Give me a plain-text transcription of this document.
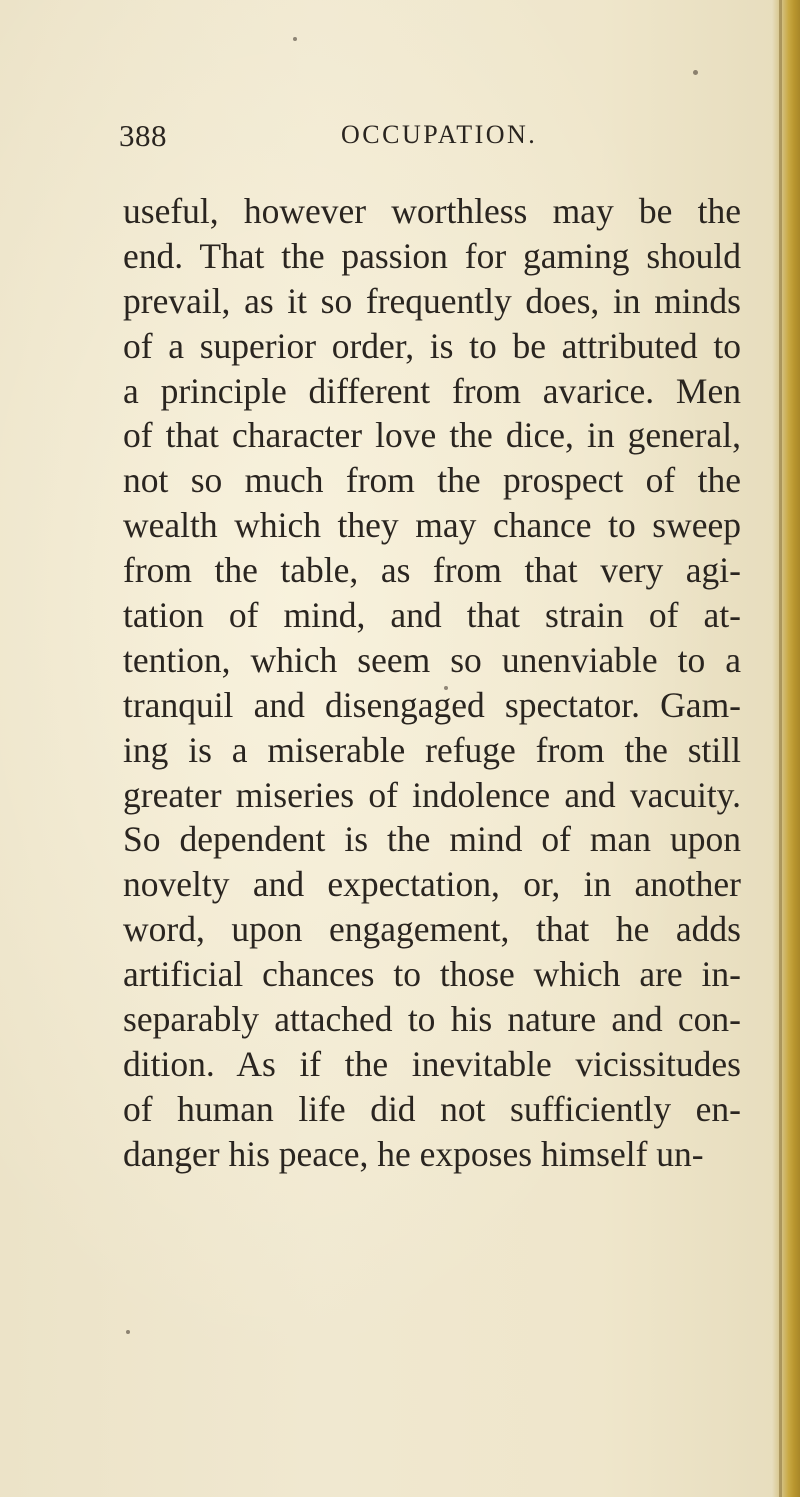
388	OCCUPATION.
useful, however worthless may be the
end. That the passion for gaming should
prevail, as it so frequently does, in minds
of a superior order, is to be attributed to
a principle different from avarice. Men
of that character love the dice, in general,
not so much from the prospect of the
wealth which they may chance to sweep
from the table, as from that very agi-
tation of mind, and that strain of at-
tention, which seem so unenviable to a
tranquil and disengaged spectator. Gam-
ing is a miserable refuge from the still
greater miseries of indolence and vacuity.
So dependent is the mind of man upon
novelty and expectation, or, in another
word, upon engagement, that he adds
artificial chances to those which are in-
separably attached to his nature and con-
dition. As if the inevitable vicissitudes
of human life did not sufficiently en-
danger his peace, he exposes himself un-
